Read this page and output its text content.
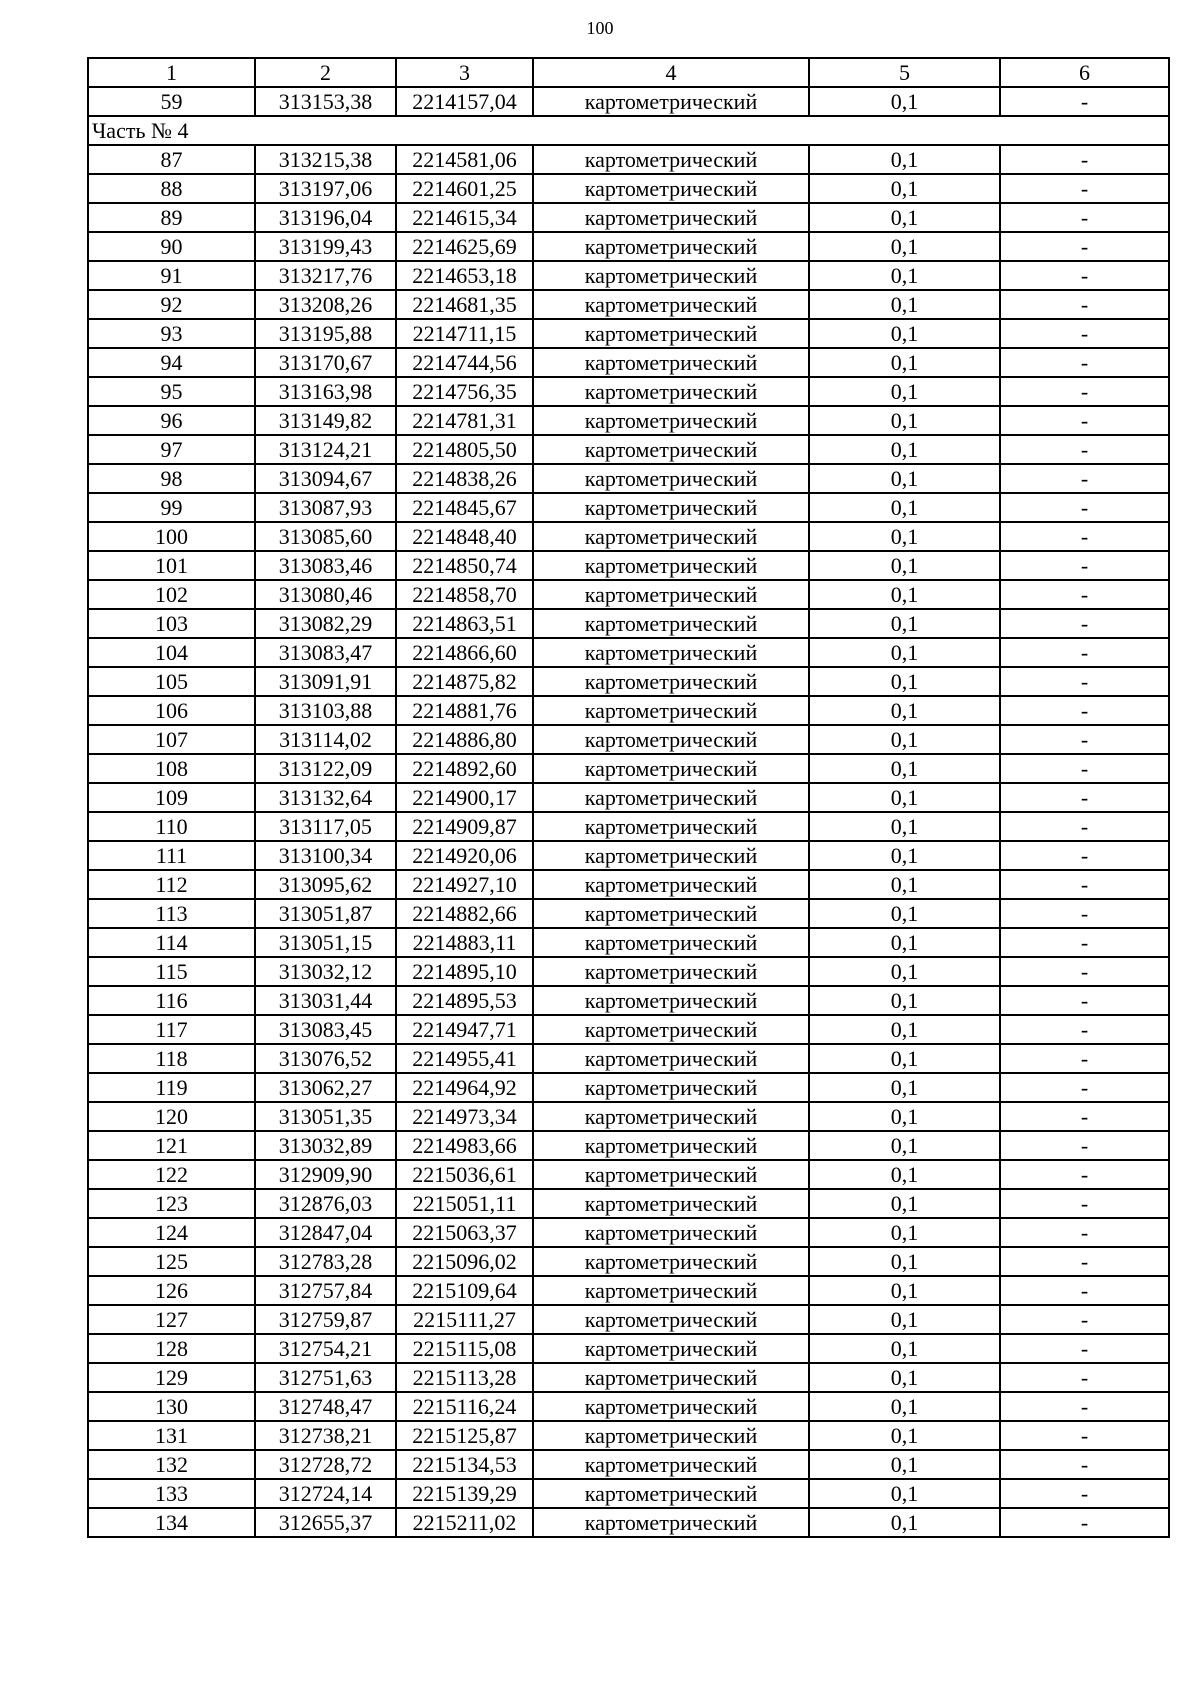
100
1	2	3	4	5	6
59	313153,38	2214157,04	картометрический	0,1	-
Часть № 4					
87	313215,38	2214581,06	картометрический	0,1	-
88	313197,06	2214601,25	картометрический	0,1	-
89	313196,04	2214615,34	картометрический	0,1	-
90	313199,43	2214625,69	картометрический	0,1	-
91	313217,76	2214653,18	картометрический	0,1	-
92	313208,26	2214681,35	картометрический	0,1	-
93	313195,88	2214711,15	картометрический	0,1	-
94	313170,67	2214744,56	картометрический	0,1	-
95	313163,98	2214756,35	картометрический	0,1	-
96	313149,82	2214781,31	картометрический	0,1	-
97	313124,21	2214805,50	картометрический	0,1	-
98	313094,67	2214838,26	картометрический	0,1	-
99	313087,93	2214845,67	картометрический	0,1	-
100	313085,60	2214848,40	картометрический	0,1	-
101	313083,46	2214850,74	картометрический	0,1	-
102	313080,46	2214858,70	картометрический	0,1	-
103	313082,29	2214863,51	картометрический	0,1	-
104	313083,47	2214866,60	картометрический	0,1	-
105	313091,91	2214875,82	картометрический	0,1	-
106	313103,88	2214881,76	картометрический	0,1	-
107	313114,02	2214886,80	картометрический	0,1	-
108	313122,09	2214892,60	картометрический	0,1	-
109	313132,64	2214900,17	картометрический	0,1	-
110	313117,05	2214909,87	картометрический	0,1	-
111	313100,34	2214920,06	картометрический	0,1	-
112	313095,62	2214927,10	картометрический	0,1	-
113	313051,87	2214882,66	картометрический	0,1	-
114	313051,15	2214883,11	картометрический	0,1	-
115	313032,12	2214895,10	картометрический	0,1	-
116	313031,44	2214895,53	картометрический	0,1	-
117	313083,45	2214947,71	картометрический	0,1	-
118	313076,52	2214955,41	картометрический	0,1	-
119	313062,27	2214964,92	картометрический	0,1	-
120	313051,35	2214973,34	картометрический	0,1	-
121	313032,89	2214983,66	картометрический	0,1	-
122	312909,90	2215036,61	картометрический	0,1	-
123	312876,03	2215051,11	картометрический	0,1	-
124	312847,04	2215063,37	картометрический	0,1	-
125	312783,28	2215096,02	картометрический	0,1	-
126	312757,84	2215109,64	картометрический	0,1	-
127	312759,87	2215111,27	картометрический	0,1	-
128	312754,21	2215115,08	картометрический	0,1	-
129	312751,63	2215113,28	картометрический	0,1	-
130	312748,47	2215116,24	картометрический	0,1	-
131	312738,21	2215125,87	картометрический	0,1	-
132	312728,72	2215134,53	картометрический	0,1	-
133	312724,14	2215139,29	картометрический	0,1	-
134	312655,37	2215211,02	картометрический	0,1	-
